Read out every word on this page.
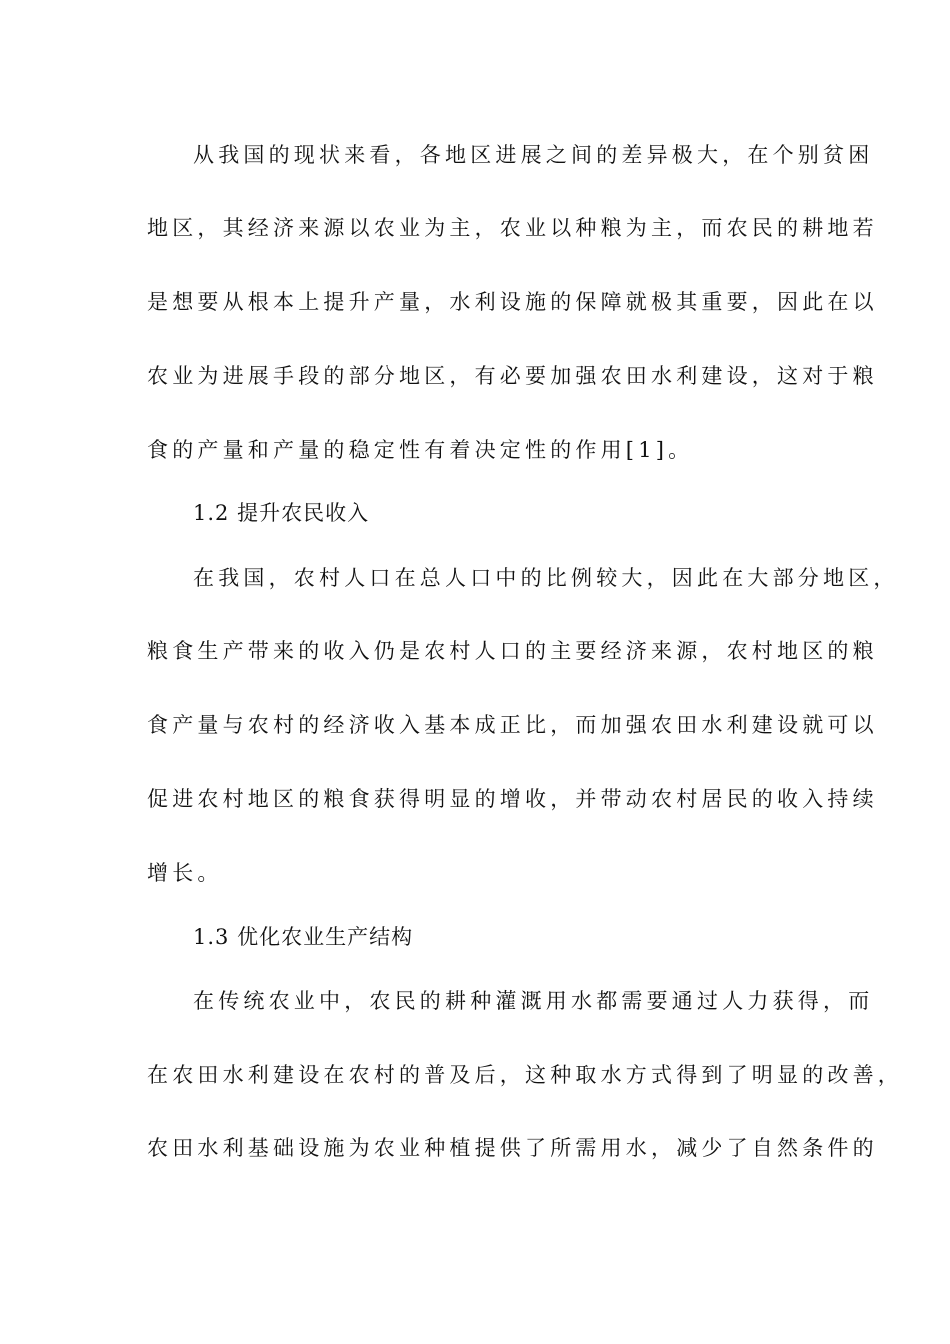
从我国的现状来看，各地区进展之间的差异极大，在个别贫困
地区，其经济来源以农业为主，农业以种粮为主，而农民的耕地若
是想要从根本上提升产量，水利设施的保障就极其重要，因此在以
农业为进展手段的部分地区，有必要加强农田水利建设，这对于粮
食的产量和产量的稳定性有着决定性的作用[1]。
1.2 提升农民收入
在我国，农村人口在总人口中的比例较大，因此在大部分地区，
粮食生产带来的收入仍是农村人口的主要经济来源，农村地区的粮
食产量与农村的经济收入基本成正比，而加强农田水利建设就可以
促进农村地区的粮食获得明显的增收，并带动农村居民的收入持续
增长。
1.3 优化农业生产结构
在传统农业中，农民的耕种灌溉用水都需要通过人力获得，而
在农田水利建设在农村的普及后，这种取水方式得到了明显的改善，
农田水利基础设施为农业种植提供了所需用水，减少了自然条件的
